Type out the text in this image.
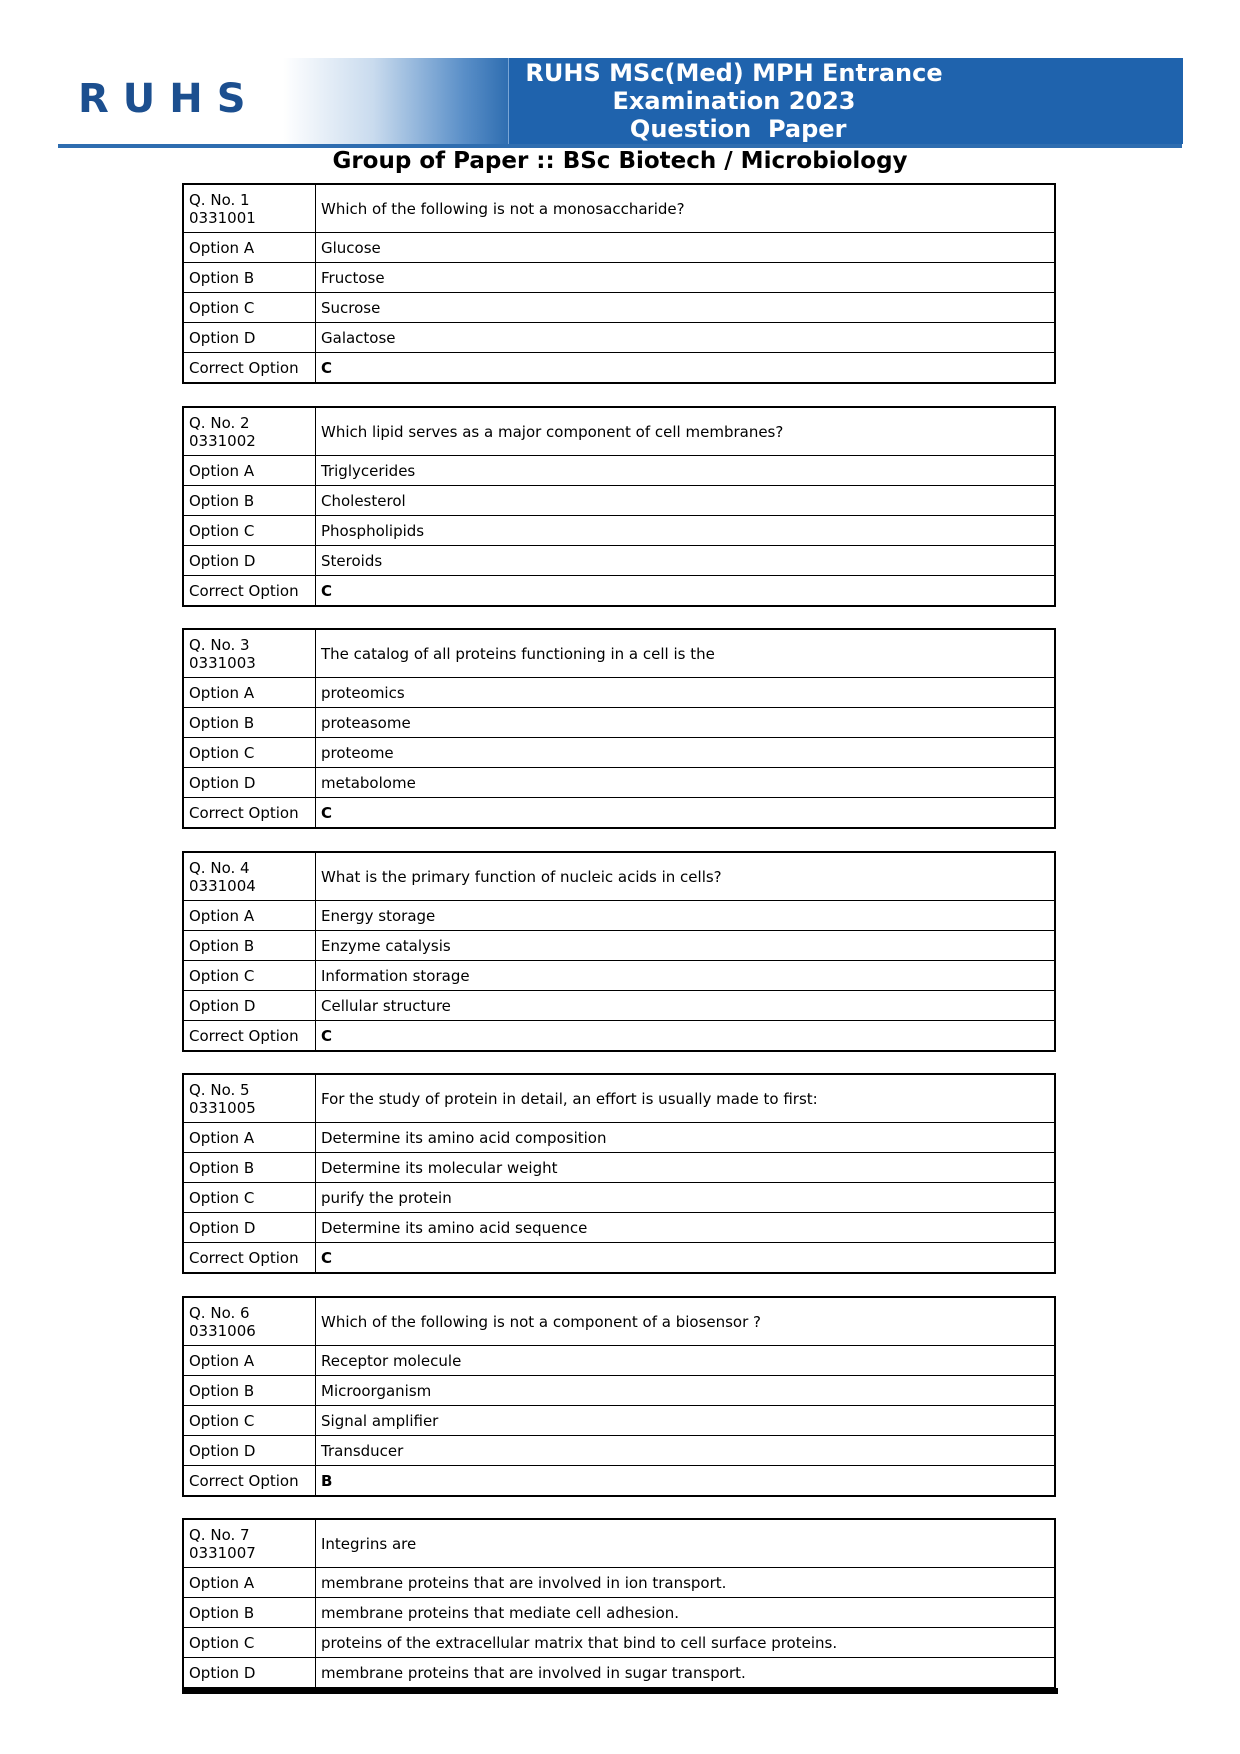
RUHS
RUHS MSc(Med) MPH Entrance
Examination 2023
Question  Paper
Group of Paper :: BSc Biotech / Microbiology
Q. No. 1
0331001	Which of the following is not a monosaccharide?
Option A	Glucose
Option B	Fructose
Option C	Sucrose
Option D	Galactose
Correct Option	C
Q. No. 2
0331002	Which lipid serves as a major component of cell membranes?
Option A	Triglycerides
Option B	Cholesterol
Option C	Phospholipids
Option D	Steroids
Correct Option	C
Q. No. 3
0331003	The catalog of all proteins functioning in a cell is the
Option A	proteomics
Option B	proteasome
Option C	proteome
Option D	metabolome
Correct Option	C
Q. No. 4
0331004	What is the primary function of nucleic acids in cells?
Option A	Energy storage
Option B	Enzyme catalysis
Option C	Information storage
Option D	Cellular structure
Correct Option	C
Q. No. 5
0331005	For the study of protein in detail, an effort is usually made to first:
Option A	Determine its amino acid composition
Option B	Determine its molecular weight
Option C	purify the protein
Option D	Determine its amino acid sequence
Correct Option	C
Q. No. 6
0331006	Which of the following is not a component of a biosensor ?
Option A	Receptor molecule
Option B	Microorganism
Option C	Signal amplifier
Option D	Transducer
Correct Option	B
Q. No. 7
0331007	Integrins are
Option A	membrane proteins that are involved in ion transport.
Option B	membrane proteins that mediate cell adhesion.
Option C	proteins of the extracellular matrix that bind to cell surface proteins.
Option D	membrane proteins that are involved in sugar transport.
